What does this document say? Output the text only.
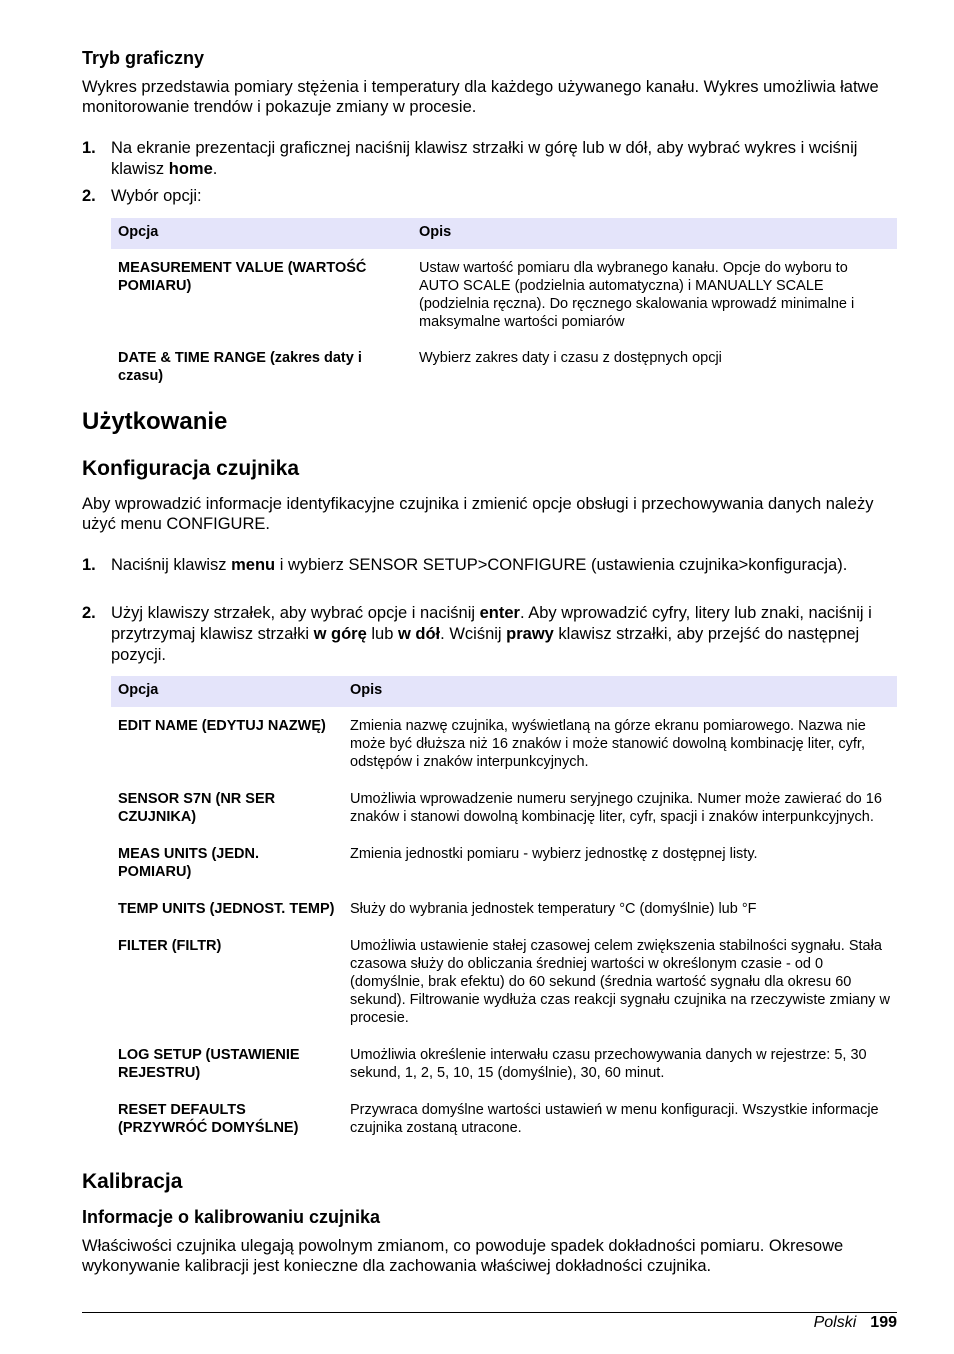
Tryb graficzny

Wykres przedstawia pomiary stężenia i temperatury dla każdego używanego kanału. Wykres umożliwia łatwe monitorowanie trendów i pokazuje zmiany w procesie.

1. Na ekranie prezentacji graficznej naciśnij klawisz strzałki w górę lub w dół, aby wybrać wykres i wciśnij klawisz home.
2. Wybór opcji:
Opcja	Opis
MEASUREMENT VALUE (WARTOŚĆ POMIARU)	Ustaw wartość pomiaru dla wybranego kanału. Opcje do wyboru to AUTO SCALE (podzielnia automatyczna) i MANUALLY SCALE (podzielnia ręczna). Do ręcznego skalowania wprowadź minimalne i maksymalne wartości pomiarów
DATE & TIME RANGE (zakres daty i czasu)	Wybierz zakres daty i czasu z dostępnych opcji
Użytkowanie
Konfiguracja czujnika

Aby wprowadzić informacje identyfikacyjne czujnika i zmienić opcje obsługi i przechowywania danych należy użyć menu CONFIGURE.

1. Naciśnij klawisz menu i wybierz SENSOR SETUP>CONFIGURE (ustawienia czujnika>konfiguracja).
2. Użyj klawiszy strzałek, aby wybrać opcje i naciśnij enter. Aby wprowadzić cyfry, litery lub znaki, naciśnij i przytrzymaj klawisz strzałki w górę lub w dół. Wciśnij prawy klawisz strzałki, aby przejść do następnej pozycji.
Opcja	Opis
EDIT NAME (EDYTUJ NAZWĘ)	Zmienia nazwę czujnika, wyświetlaną na górze ekranu pomiarowego. Nazwa nie może być dłuższa niż 16 znaków i może stanowić dowolną kombinację liter, cyfr, odstępów i znaków interpunkcyjnych.
SENSOR S7N (NR SER CZUJNIKA)	Umożliwia wprowadzenie numeru seryjnego czujnika. Numer może zawierać do 16 znaków i stanowi dowolną kombinację liter, cyfr, spacji i znaków interpunkcyjnych.
MEAS UNITS (JEDN. POMIARU)	Zmienia jednostki pomiaru - wybierz jednostkę z dostępnej listy.
TEMP UNITS (JEDNOST. TEMP)	Służy do wybrania jednostek temperatury °C (domyślnie) lub °F
FILTER (FILTR)	Umożliwia ustawienie stałej czasowej celem zwiększenia stabilności sygnału. Stała czasowa służy do obliczania średniej wartości w określonym czasie - od 0 (domyślnie, brak efektu) do 60 sekund (średnia wartość sygnału dla okresu 60 sekund). Filtrowanie wydłuża czas reakcji sygnału czujnika na rzeczywiste zmiany w procesie.
LOG SETUP (USTAWIENIE REJESTRU)	Umożliwia określenie interwału czasu przechowywania danych w rejestrze: 5, 30 sekund, 1, 2, 5, 10, 15 (domyślnie), 30, 60 minut.
RESET DEFAULTS (PRZYWRÓĆ DOMYŚLNE)	Przywraca domyślne wartości ustawień w menu konfiguracji. Wszystkie informacje czujnika zostaną utracone.
Kalibracja
Informacje o kalibrowaniu czujnika

Właściwości czujnika ulegają powolnym zmianom, co powoduje spadek dokładności pomiaru. Okresowe wykonywanie kalibracji jest konieczne dla zachowania właściwej dokładności czujnika.

Polski 199
